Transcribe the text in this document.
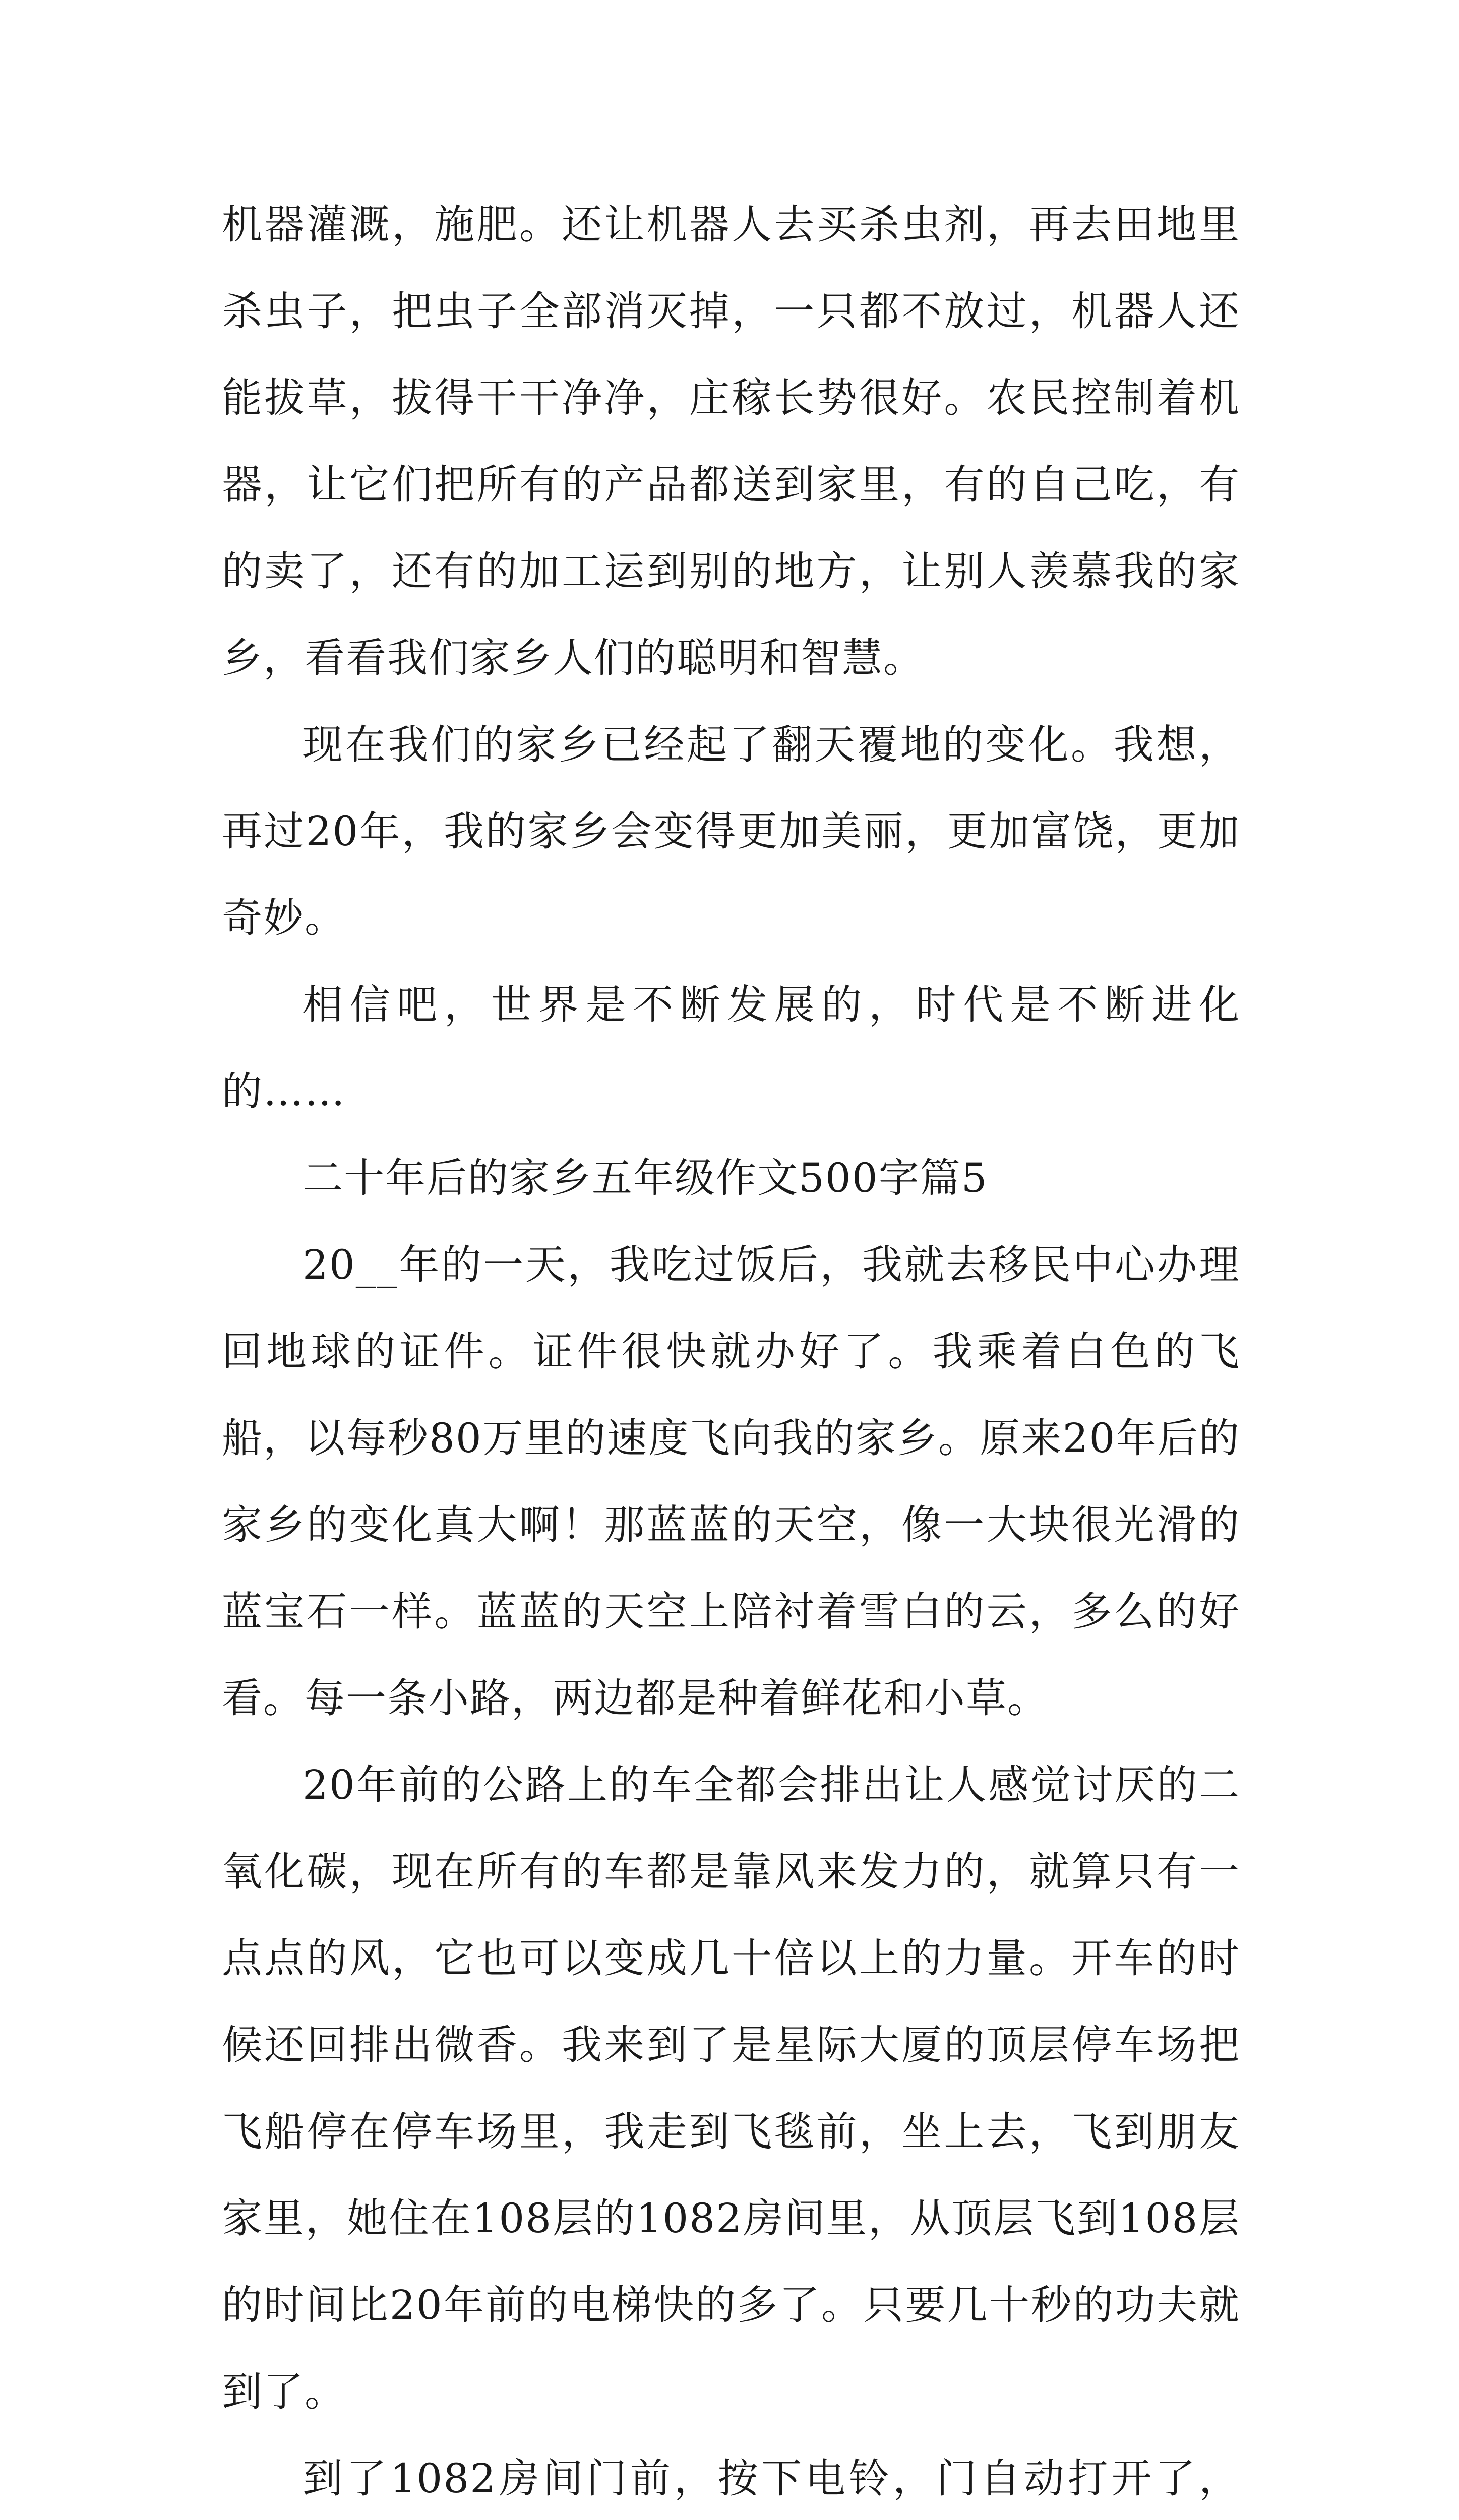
机器灌溉，施肥。还让机器人去买杀虫剂，再去田地里杀虫子，把虫子全部消灭掉，一只都不放过，机器人还能拔草，拔得干干净净，庄稼长势很好。农民控制着机器，让它们把所有的产品都送到家里，有的自己吃，有的卖了，还有的加工运到别的地方，让别人羡慕我的家乡，看看我们家乡人们的聪明和智慧。

现在我们的家乡已经起了翻天覆地的变化。我想，再过20年，我的家乡会变得更加美丽，更加富饶，更加奇妙。

相信吧，世界是不断发展的，时代是不断进化的……

二十年后的家乡五年级作文500字篇5

20__年的一天，我吃过饭后，我就去移民中心办理回地球的证件。证件很快就办好了。我乘着白色的飞船，以每秒80万里的速度飞向我的家乡。原来20年后的家乡的变化真大啊！那蓝蓝的天空，像一大块很光滑的蓝宝石一样。蓝蓝的天空上陪衬着雪白的云，多么的好看。每一条小路，两边都是种着鲜花和小草。

20年前的公路上的车全都会排出让人感觉讨厌的二氧化碳，现在所有的车都是靠风来发力的，就算只有一点点的风，它也可以变成几十倍以上的力量。开车的时候还回排出微香。我来到了是星际大厦的顶层停车场把飞船停在停车场里，我走到飞毯前，坐上去，飞到朋友家里，她住在108层的1082房间里，从顶层飞到108层的时间比20年前的电梯快的多了。只要几十秒的功夫就到了。

到了1082房间门前，按下电铃，门自动打开了，
